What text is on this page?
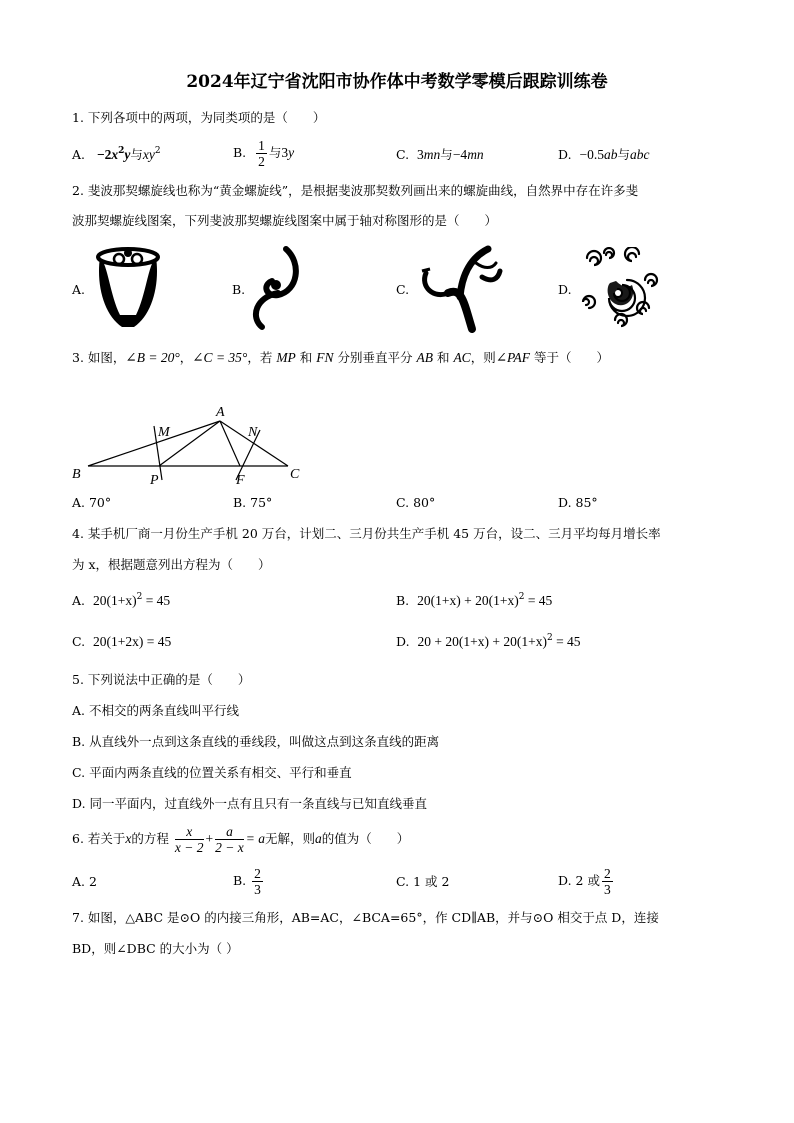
2024年辽宁省沈阳市协作体中考数学零模后跟踪训练卷
1. 下列各项中的两项，为同类项的是（　　）
A. $-2x^2y$与$xy^2$	B. $\frac{1}{2}$ 与3y	C. 3mn与−4mn	D. −0.5ab与abc
2. 斐波那契螺旋线也称为“黄金螺旋线”，是根据斐波那契数列画出来的螺旋曲线，自然界中存在许多斐
波那契螺旋线图案，下列斐波那契螺旋线图案中属于轴对称图形的是（　　）
A.	B.	C.	D.
3. 如图，∠B = 20°，∠C = 35°，若 MP 和 FN 分别垂直平分 AB 和 AC，则∠PAF 等于（　　）
A
B	C
M	N
P	F
A. 70°	B. 75°	C. 80°	D. 85°
4. 某手机厂商一月份生产手机 20 万台，计划二、三月份共生产手机 45 万台，设二、三月平均每月增长率
为 x，根据题意列出方程为（　　）
A. $20(1+x)^2 = 45$	B. $20(1+x) + 20(1+x)^2 = 45$
C. 20(1+2x) = 45	D. $20 + 20(1+x) + 20(1+x)^2 = 45$
5. 下列说法中正确的是（　　）
A. 不相交的两条直线叫平行线
B. 从直线外一点到这条直线的垂线段，叫做这点到这条直线的距离
C. 平面内两条直线的位置关系有相交、平行和垂直
D. 同一平面内，过直线外一点有且只有一条直线与已知直线垂直
6. 若关于x的方程 $\frac{x}{x - 2} + \frac{a}{2 - x} = a$无解，则a的值为（　　）
A. 2	B. $\frac{2}{3}$	C. 1 或 2	D. 2 或 $\frac{2}{3}$
7. 如图，△ABC 是⊙O 的内接三角形，AB=AC，∠BCA=65°，作 CD∥AB，并与⊙O 相交于点 D，连接
BD，则∠DBC 的大小为（ ）
